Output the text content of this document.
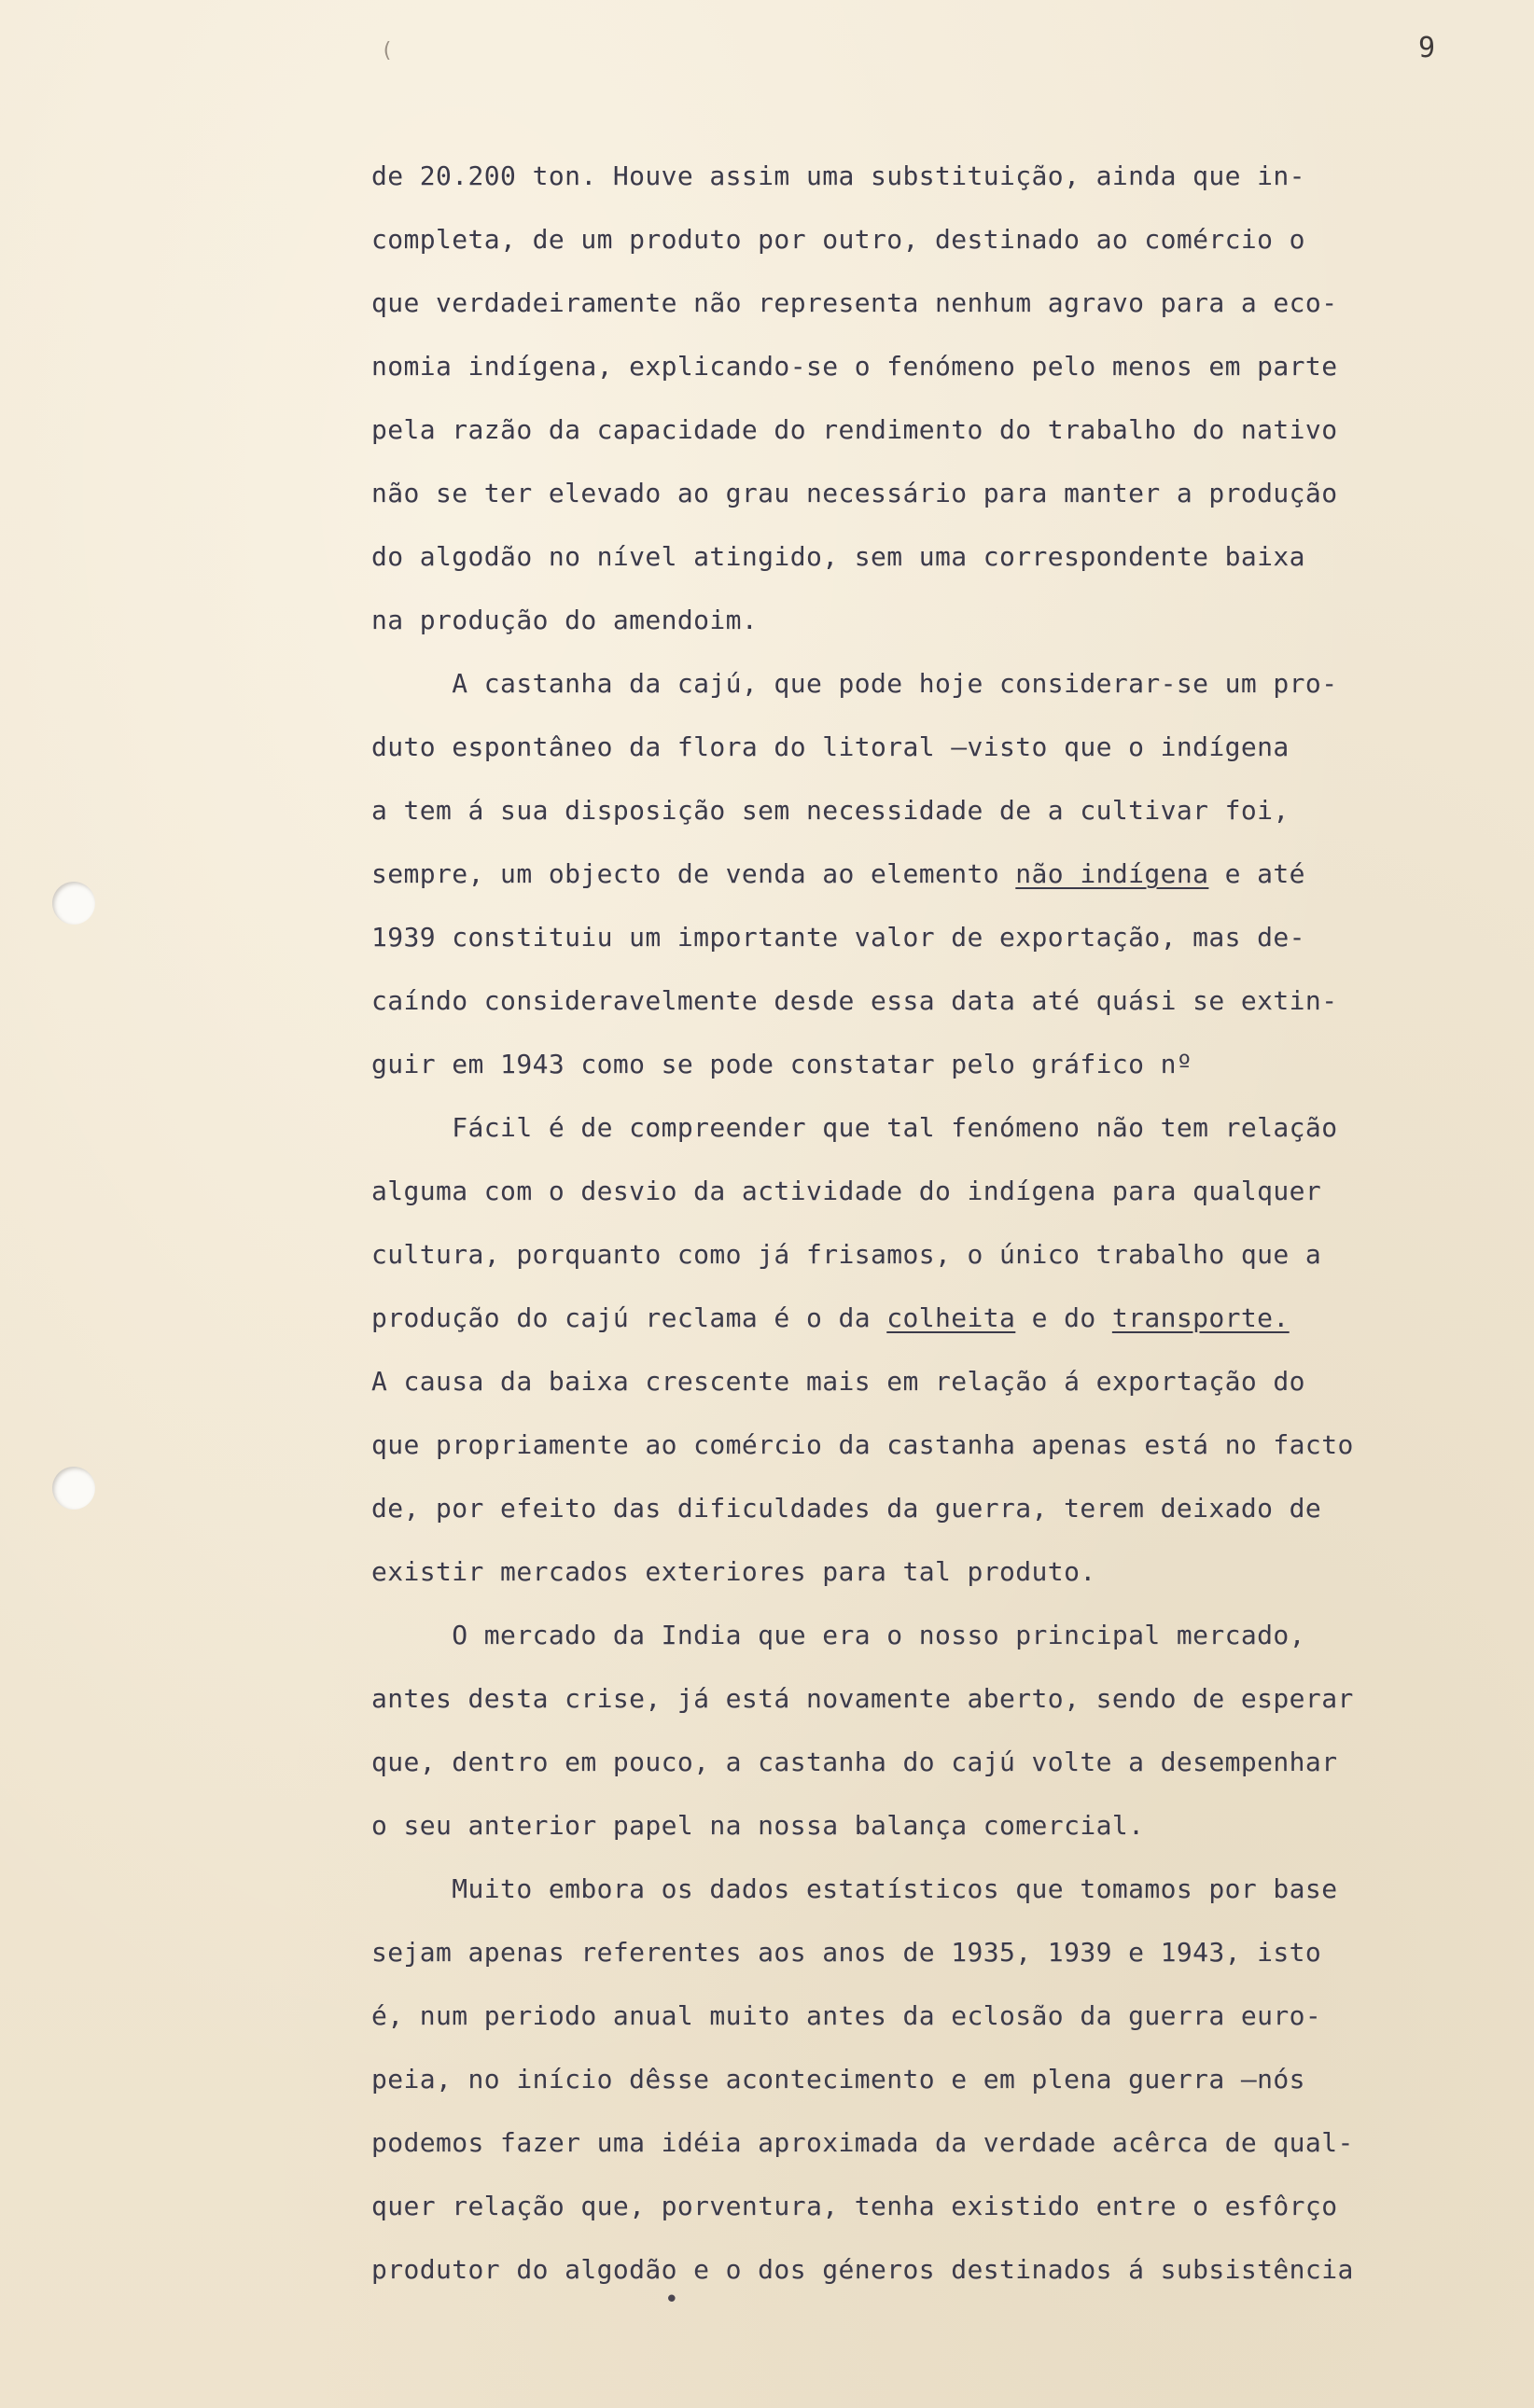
(	9
de 20.200 ton. Houve assim uma substituição, ainda que in-
completa, de um produto por outro, destinado ao comércio o
que verdadeiramente não representa nenhum agravo para a eco-
nomia indígena, explicando-se o fenómeno pelo menos em parte
pela razão da capacidade do rendimento do trabalho do nativo
não se ter elevado ao grau necessário para manter a produção
do algodão no nível atingido, sem uma correspondente baixa
na produção do amendoim.
A castanha da cajú, que pode hoje considerar-se um pro-
duto espontâneo da flora do litoral —visto que o indígena
a tem á sua disposição sem necessidade de a cultivar foi,
sempre, um objecto de venda ao elemento não indígena e até
1939 constituiu um importante valor de exportação, mas de-
caíndo consideravelmente desde essa data até quási se extin-
guir em 1943 como se pode constatar pelo gráfico nº
Fácil é de compreender que tal fenómeno não tem relação
alguma com o desvio da actividade do indígena para qualquer
cultura, porquanto como já frisamos, o único trabalho que a
produção do cajú reclama é o da colheita e do transporte.
A causa da baixa crescente mais em relação á exportação do
que propriamente ao comércio da castanha apenas está no facto
de, por efeito das dificuldades da guerra, terem deixado de
existir mercados exteriores para tal produto.
O mercado da India que era o nosso principal mercado,
antes desta crise, já está novamente aberto, sendo de esperar
que, dentro em pouco, a castanha do cajú volte a desempenhar
o seu anterior papel na nossa balança comercial.
Muito embora os dados estatísticos que tomamos por base
sejam apenas referentes aos anos de 1935, 1939 e 1943, isto
é, num periodo anual muito antes da eclosão da guerra euro-
peia, no início dêsse acontecimento e em plena guerra —nós
podemos fazer uma idéia aproximada da verdade acêrca de qual-
quer relação que, porventura, tenha existido entre o esfôrço
produtor do algodão e o dos géneros destinados á subsistência
•
